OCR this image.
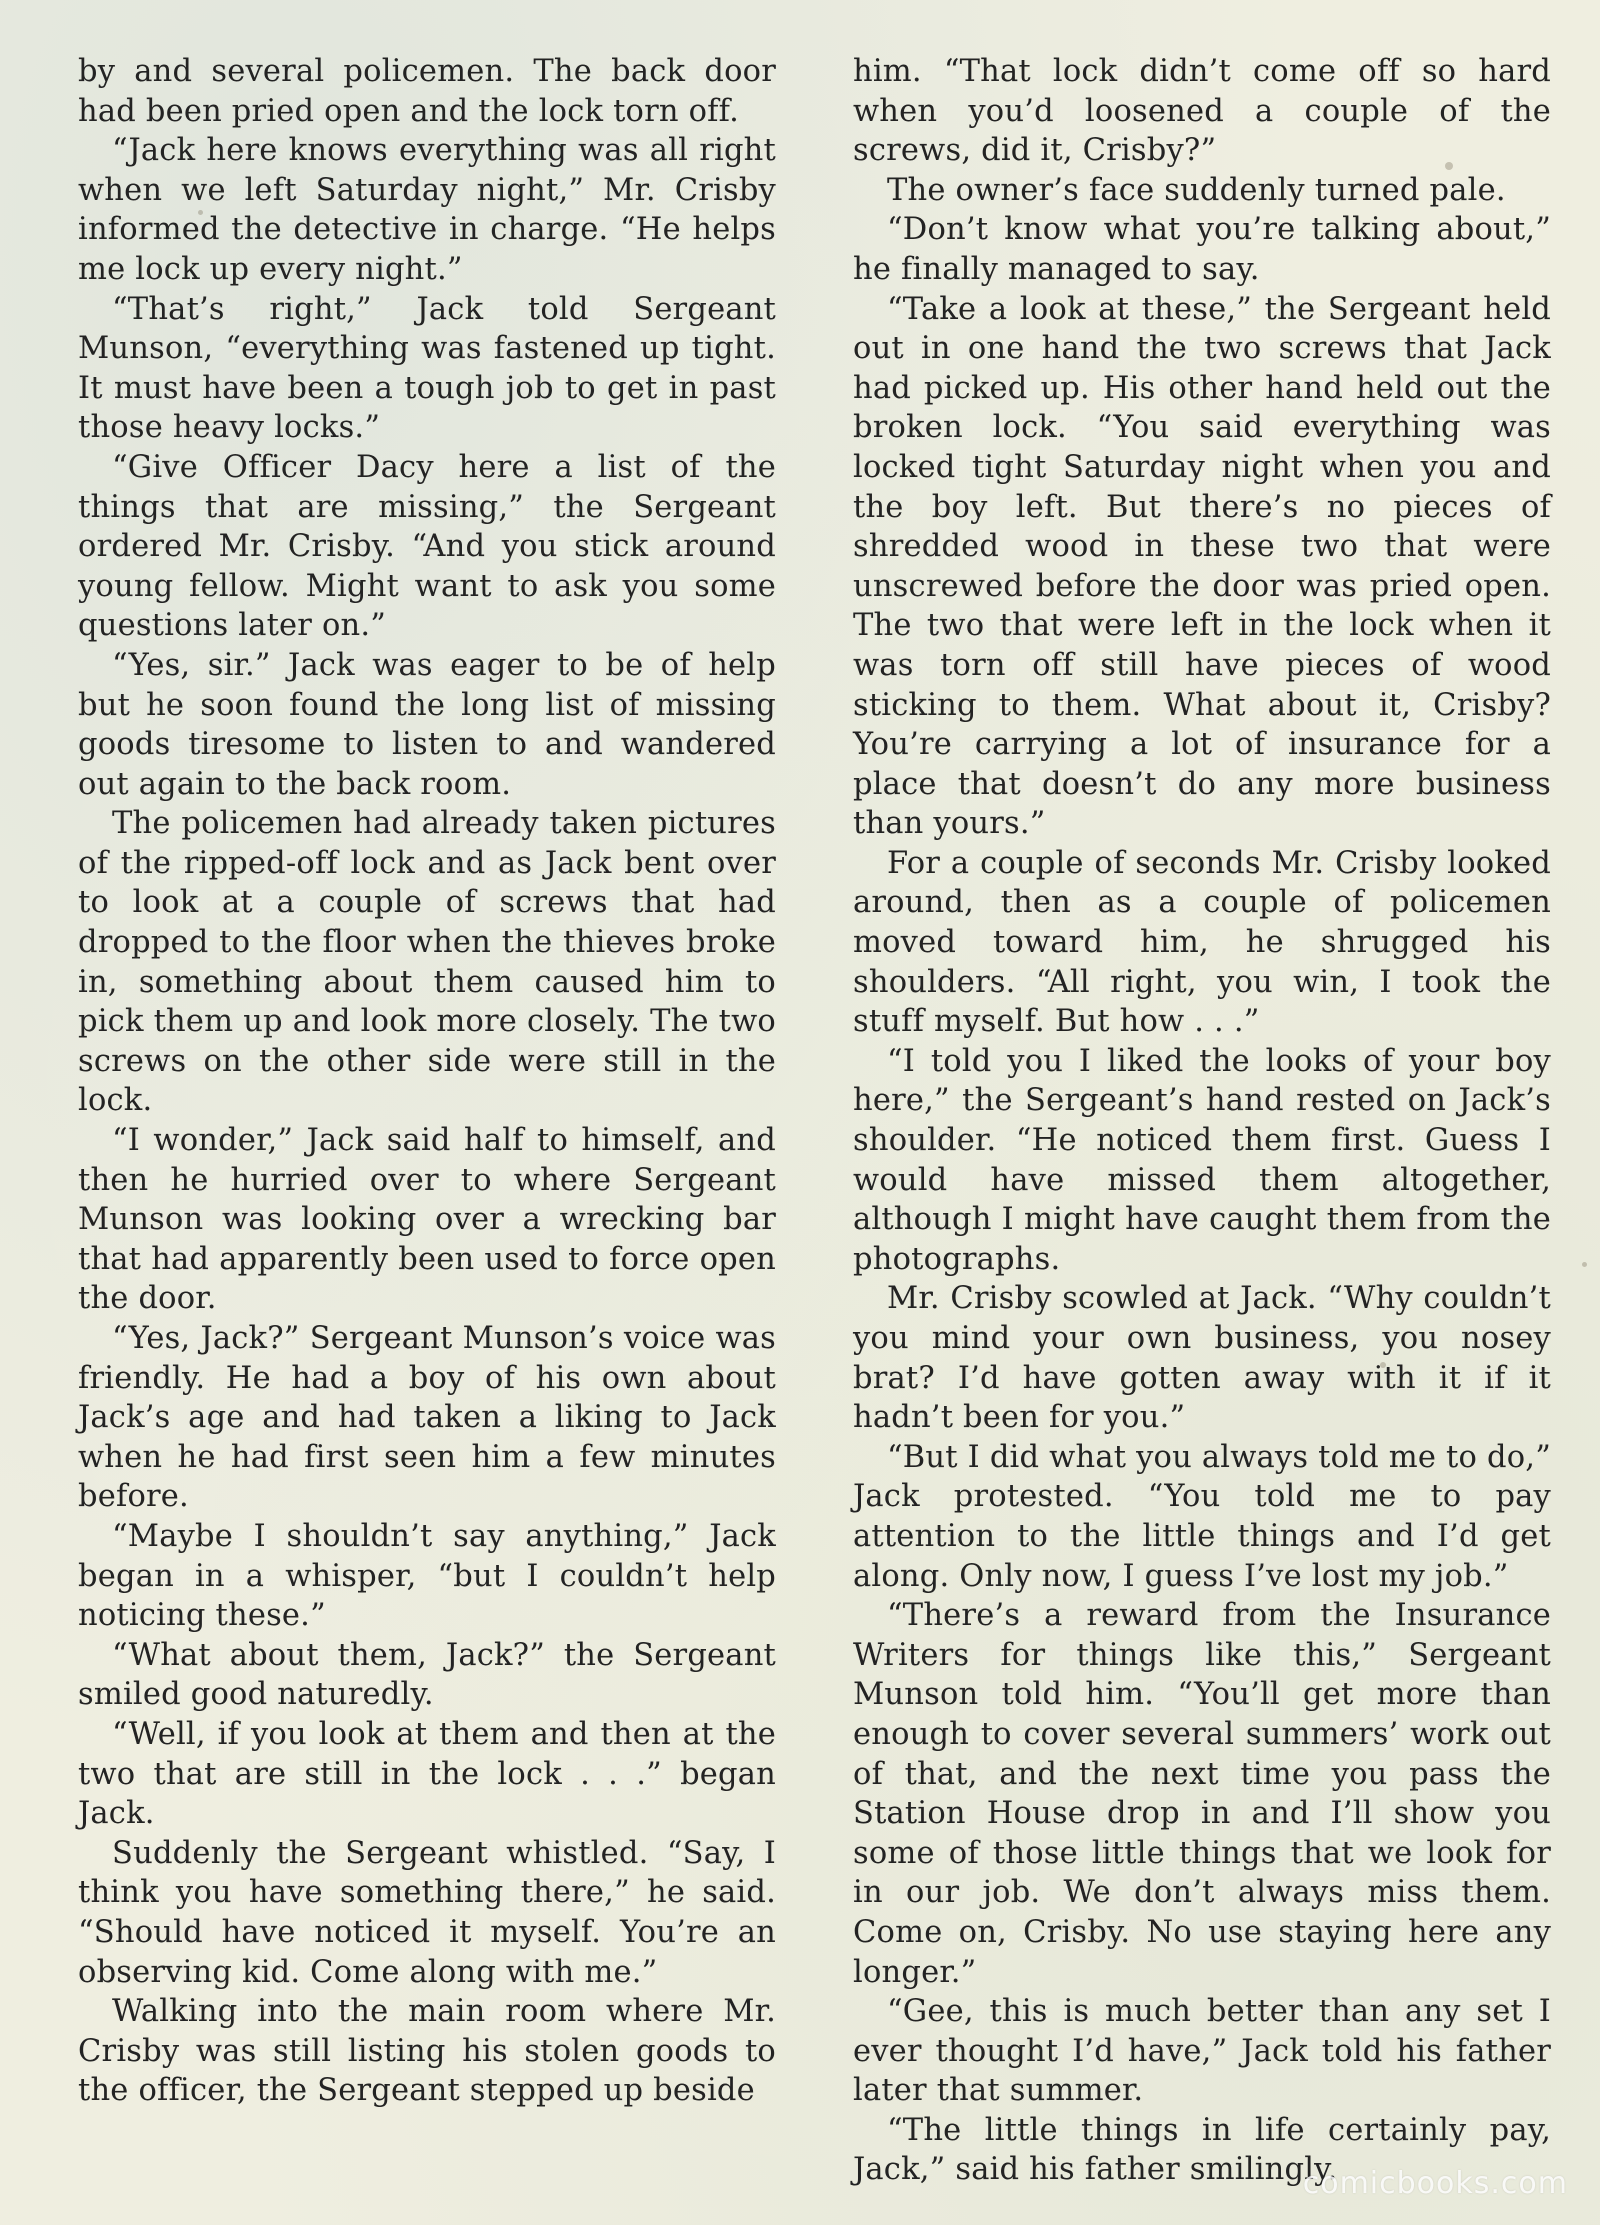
by and several policemen. The back door had been pried open and the lock torn off.

“Jack here knows everything was all right when we left Saturday night,” Mr. Crisby informed the detective in charge. “He helps me lock up every night.”

“That’s right,” Jack told Sergeant Munson, “everything was fastened up tight. It must have been a tough job to get in past those heavy locks.”

“Give Officer Dacy here a list of the things that are missing,” the Sergeant ordered Mr. Crisby. “And you stick around young fellow. Might want to ask you some questions later on.”

“Yes, sir.” Jack was eager to be of help but he soon found the long list of missing goods tiresome to listen to and wandered out again to the back room.

The policemen had already taken pictures of the ripped-off lock and as Jack bent over to look at a couple of screws that had dropped to the floor when the thieves broke in, something about them caused him to pick them up and look more closely. The two screws on the other side were still in the lock.

“I wonder,” Jack said half to himself, and then he hurried over to where Sergeant Munson was looking over a wrecking bar that had apparently been used to force open the door.

“Yes, Jack?” Sergeant Munson’s voice was friendly. He had a boy of his own about Jack’s age and had taken a liking to Jack when he had first seen him a few minutes before.

“Maybe I shouldn’t say anything,” Jack began in a whisper, “but I couldn’t help noticing these.”

“What about them, Jack?” the Sergeant smiled good naturedly.

“Well, if you look at them and then at the two that are still in the lock . . .” began Jack.

Suddenly the Sergeant whistled. “Say, I think you have something there,” he said. “Should have noticed it myself. You’re an observing kid. Come along with me.”

Walking into the main room where Mr. Crisby was still listing his stolen goods to the officer, the Sergeant stepped up beside

him. “That lock didn’t come off so hard when you’d loosened a couple of the screws, did it, Crisby?”

The owner’s face suddenly turned pale.

“Don’t know what you’re talking about,” he finally managed to say.

“Take a look at these,” the Sergeant held out in one hand the two screws that Jack had picked up. His other hand held out the broken lock. “You said everything was locked tight Saturday night when you and the boy left. But there’s no pieces of shredded wood in these two that were unscrewed before the door was pried open. The two that were left in the lock when it was torn off still have pieces of wood sticking to them. What about it, Crisby? You’re carrying a lot of insurance for a place that doesn’t do any more business than yours.”

For a couple of seconds Mr. Crisby looked around, then as a couple of policemen moved toward him, he shrugged his shoulders. “All right, you win, I took the stuff myself. But how . . .”

“I told you I liked the looks of your boy here,” the Sergeant’s hand rested on Jack’s shoulder. “He noticed them first. Guess I would have missed them altogether, although I might have caught them from the photographs.

Mr. Crisby scowled at Jack. “Why couldn’t you mind your own business, you nosey brat? I’d have gotten away with it if it hadn’t been for you.”

“But I did what you always told me to do,” Jack protested. “You told me to pay attention to the little things and I’d get along. Only now, I guess I’ve lost my job.”

“There’s a reward from the Insurance Writers for things like this,” Sergeant Munson told him. “You’ll get more than enough to cover several summers’ work out of that, and the next time you pass the Station House drop in and I’ll show you some of those little things that we look for in our job. We don’t always miss them. Come on, Crisby. No use staying here any longer.”

“Gee, this is much better than any set I ever thought I’d have,” Jack told his father later that summer.

“The little things in life certainly pay, Jack,” said his father smilingly.

comicbooks.com
